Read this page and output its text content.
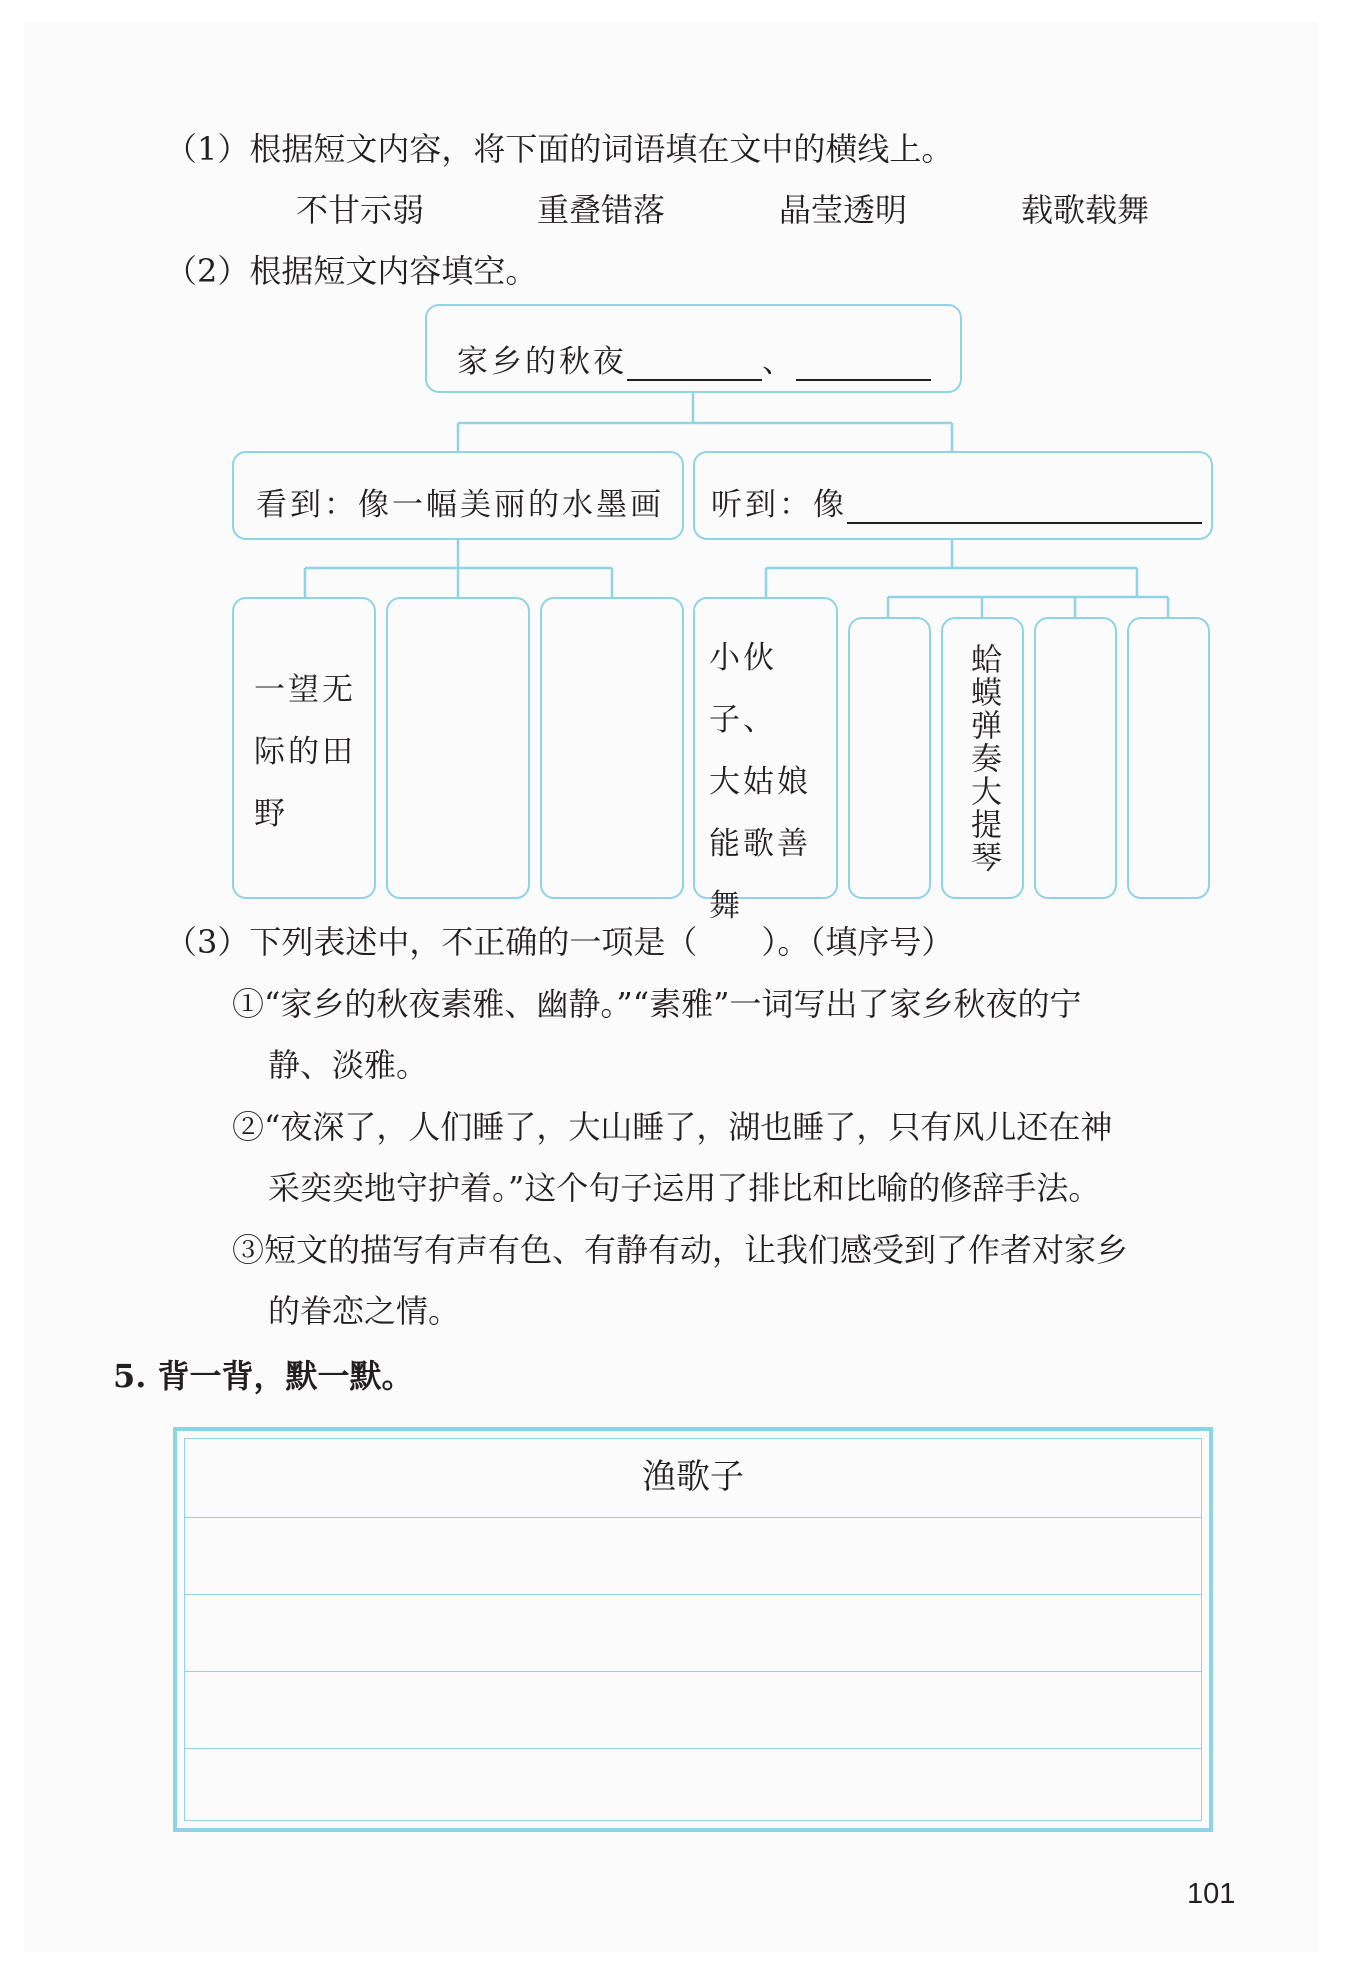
（1）根据短文内容，将下面的词语填在文中的横线上。
不甘示弱	重叠错落	晶莹透明	载歌载舞
（2）根据短文内容填空。
家乡的秋夜	、
看到：像一幅美丽的水墨画 听到：像
一望无
际的田
野
小伙子、
大姑娘
能歌善
舞
蛤蟆弹奏大提琴
（3）下列表述中，不正确的一项是（　　）。（填序号）
①“家乡的秋夜素雅、幽静。”“素雅”一词写出了家乡秋夜的宁
静、淡雅。
②“夜深了，人们睡了，大山睡了，湖也睡了，只有风儿还在神
采奕奕地守护着。”这个句子运用了排比和比喻的修辞手法。
③短文的描写有声有色、有静有动，让我们感受到了作者对家乡
的眷恋之情。
5. 背一背，默一默。
渔歌子
101
